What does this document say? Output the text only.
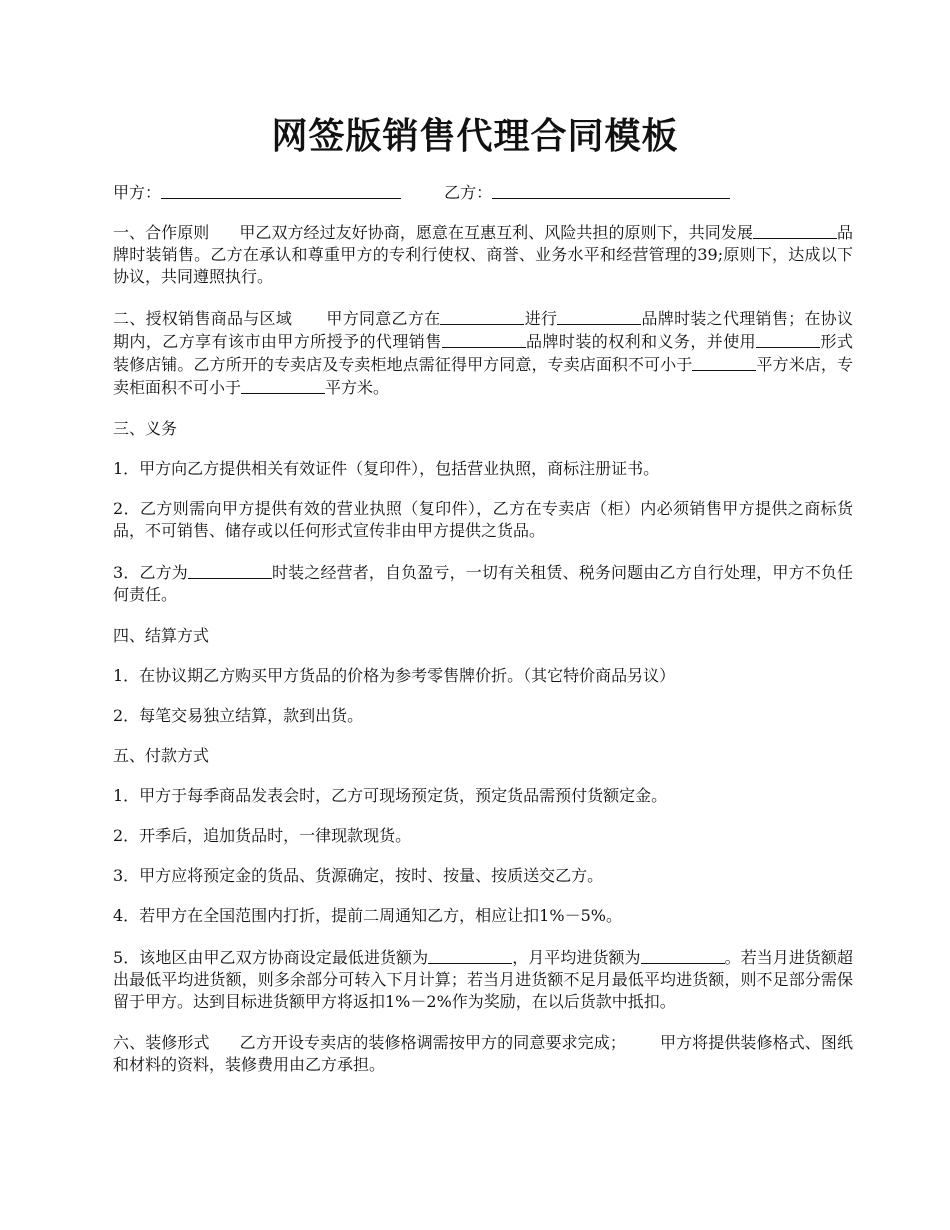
网签版销售代理合同模板
甲方：	乙方：

一、合作原则 甲乙双方经过友好协商，愿意在互惠互利、风险共担的原则下，共同发展	品牌时装销售。乙方在承认和尊重甲方的专利行使权、商誉、业务水平和经营管理的39;原则下，达成以下协议，共同遵照执行。

二、授权销售商品与区域 甲方同意乙方在	进行	品牌时装之代理销售；在协议期内，乙方享有该市由甲方所授予的代理销售	品牌时装的权利和义务，并使用	形式装修店铺。乙方所开的专卖店及专卖柜地点需征得甲方同意，专卖店面积不可小于	平方米店，专卖柜面积不可小于	平方米。

三、义务

1．甲方向乙方提供相关有效证件（复印件），包括营业执照，商标注册证书。

2．乙方则需向甲方提供有效的营业执照（复印件），乙方在专卖店（柜）内必须销售甲方提供之商标货品，不可销售、储存或以任何形式宣传非由甲方提供之货品。

3．乙方为	时装之经营者，自负盈亏，一切有关租赁、税务问题由乙方自行处理，甲方不负任何责任。

四、结算方式

1．在协议期乙方购买甲方货品的价格为参考零售牌价折。（其它特价商品另议）

2．每笔交易独立结算，款到出货。

五、付款方式

1．甲方于每季商品发表会时，乙方可现场预定货，预定货品需预付货额定金。

2．开季后，追加货品时，一律现款现货。

3．甲方应将预定金的货品、货源确定，按时、按量、按质送交乙方。

4．若甲方在全国范围内打折，提前二周通知乙方，相应让扣1%－5%。

5．该地区由甲乙双方协商设定最低进货额为	，月平均进货额为	。若当月进货额超出最低平均进货额，则多余部分可转入下月计算；若当月进货额不足月最低平均进货额，则不足部分需保留于甲方。达到目标进货额甲方将返扣1%－2%作为奖励，在以后货款中抵扣。

六、装修形式 乙方开设专卖店的装修格调需按甲方的同意要求完成； 甲方将提供装修格式、图纸和材料的资料，装修费用由乙方承担。
